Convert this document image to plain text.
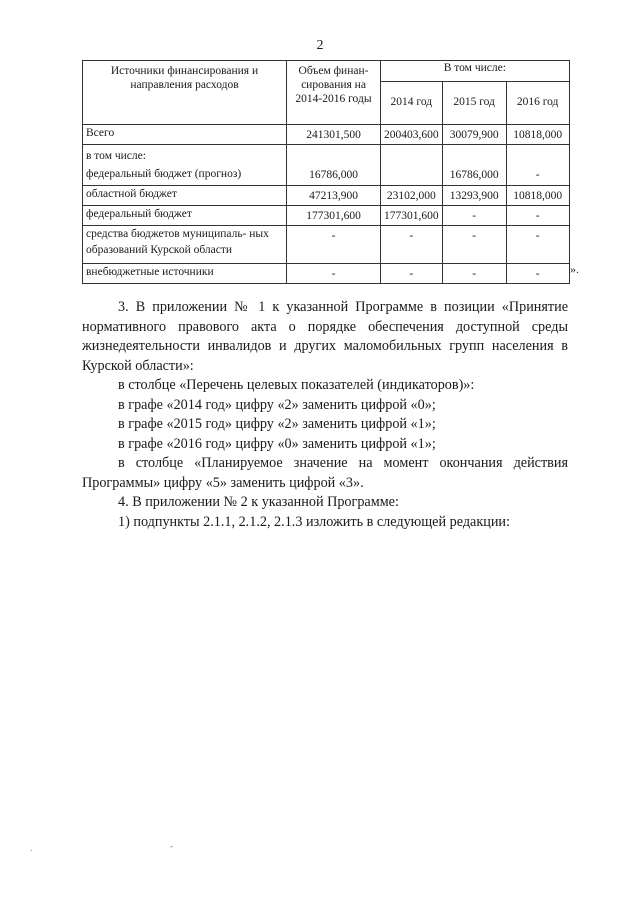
2
Источники финансирования и направления расходов	Объем финан- сирования на 2014-2016 годы	В том числе:		
		2014 год	2015 год	2016 год
Всего	241301,500	200403,600	30079,900	10818,000
в том числе:				
федеральный бюджет (прогноз)	16786,000		16786,000	-
областной бюджет	47213,900	23102,000	13293,900	10818,000
федеральный бюджет	177301,600	177301,600	-	-
средства бюджетов муниципаль- ных образований Курской области	-	-	-	-
внебюджетные источники	-	-	-	-	».

3. В приложении № 1 к указанной Программе в позиции «Принятие нормативного правового акта о порядке обеспечения доступной среды жизнедеятельности инвалидов и других маломобильных групп населения в Курской области»:

в столбце «Перечень целевых показателей (индикаторов)»:

в графе «2014 год» цифру «2» заменить цифрой «0»;

в графе «2015 год» цифру «2» заменить цифрой «1»;

в графе «2016 год» цифру «0» заменить цифрой «1»;

в столбце «Планируемое значение на момент окончания действия Программы» цифру «5» заменить цифрой «3».

4. В приложении № 2 к указанной Программе:

1) подпункты 2.1.1, 2.1.2, 2.1.3 изложить в следующей редакции:

.	-
